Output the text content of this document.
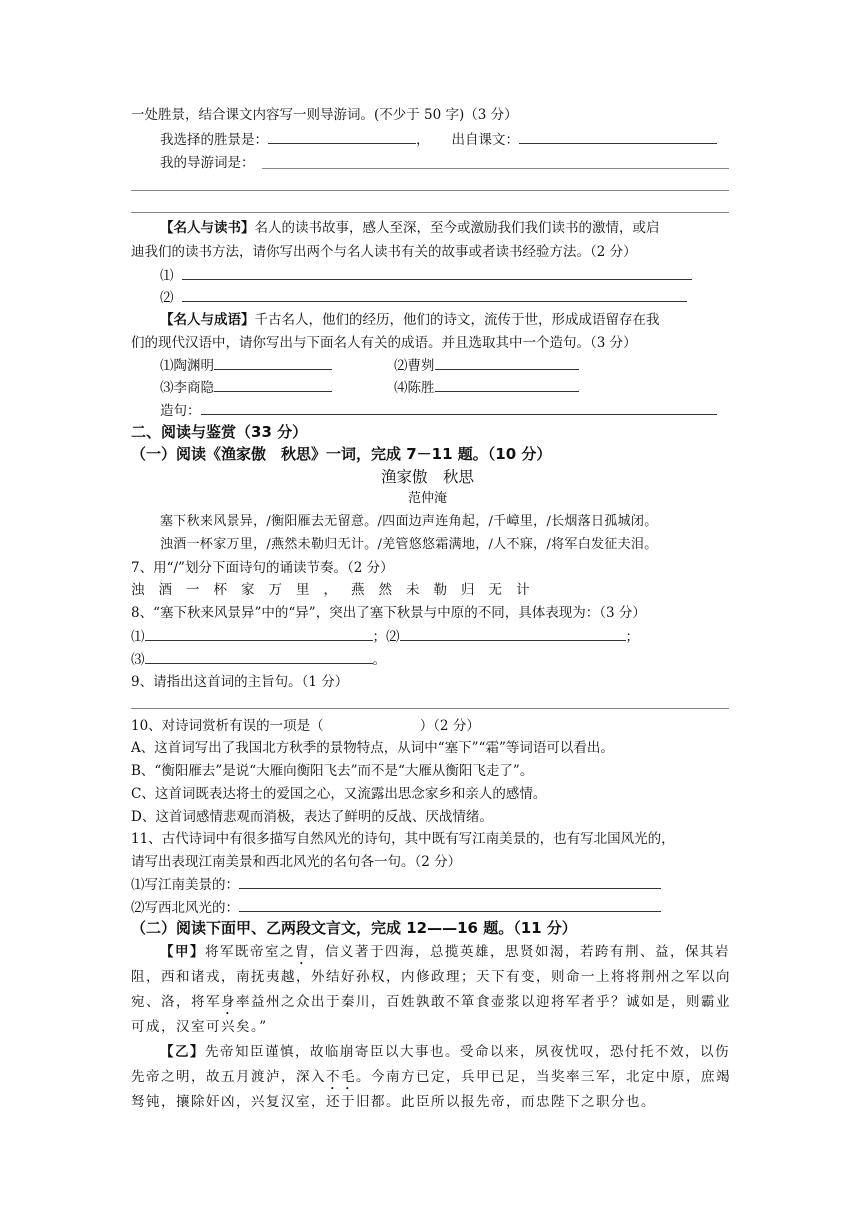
一处胜景，结合课文内容写一则导游词。(不少于 50 字)（3 分）
我选择的胜景是：	， 出自课文：
我的导游词是：
【名人与读书】名人的读书故事，感人至深，至今或激励我们我们读书的激情，或启
迪我们的读书方法，请你写出两个与名人读书有关的故事或者读书经验方法。（2 分）
⑴
⑵
【名人与成语】千古名人，他们的经历，他们的诗文，流传于世，形成成语留存在我
们的现代汉语中，请你写出与下面名人有关的成语。并且选取其中一个造句。（3 分）
⑴陶渊明	⑵曹刿
⑶李商隐	⑷陈胜
造句：
二、阅读与鉴赏（33 分）
（一）阅读《渔家傲　秋思》一词，完成 7－11 题。（10 分）
渔家傲　秋思
范仲淹
塞下秋来风景异，/衡阳雁去无留意。/四面边声连角起，/千嶂里，/长烟落日孤城闭。
浊酒一杯家万里，/燕然未勒归无计。/羌管悠悠霜满地，/人不寐，/将军白发征夫泪。
7、用“/”划分下面诗句的诵读节奏。（2 分）
浊酒一杯家万里，燕然未勒归无计
8、“塞下秋来风景异”中的“异”，突出了塞下秋景与中原的不同，具体表现为：（3 分）
⑴	；⑵	；
⑶	。
9、请指出这首词的主旨句。（1 分）
10、对诗词赏析有误的一项是（	）（2 分）
A、这首词写出了我国北方秋季的景物特点，从词中“塞下”“霜”等词语可以看出。
B、“衡阳雁去”是说“大雁向衡阳飞去”而不是“大雁从衡阳飞走了”。
C、这首词既表达将士的爱国之心，又流露出思念家乡和亲人的感情。
D、这首词感情悲观而消极，表达了鲜明的反战、厌战情绪。
11、古代诗词中有很多描写自然风光的诗句，其中既有写江南美景的，也有写北国风光的，
请写出表现江南美景和西北风光的名句各一句。（2 分）
⑴写江南美景的：
⑵写西北风光的：
（二）阅读下面甲、乙两段文言文，完成 12——16 题。（11 分）
【甲】将军既帝室之胄，信义著于四海，总揽英雄，思贤如渴，若跨有荆、益，保其岩
阻，西和诸戎，南抚夷越，外结好孙权，内修政理；天下有变，则命一上将将荆州之军以向
宛、洛，将军身率益州之众出于秦川，百姓孰敢不箪食壶浆以迎将军者乎？诚如是，则霸业
可成，汉室可兴矣。”
【乙】先帝知臣谨慎，故临崩寄臣以大事也。受命以来，夙夜忧叹，恐付托不效，以伤
先帝之明，故五月渡泸，深入不毛。今南方已定，兵甲已足，当奖率三军，北定中原，庶竭
驽钝，攘除奸凶，兴复汉室，还于旧都。此臣所以报先帝，而忠陛下之职分也。
